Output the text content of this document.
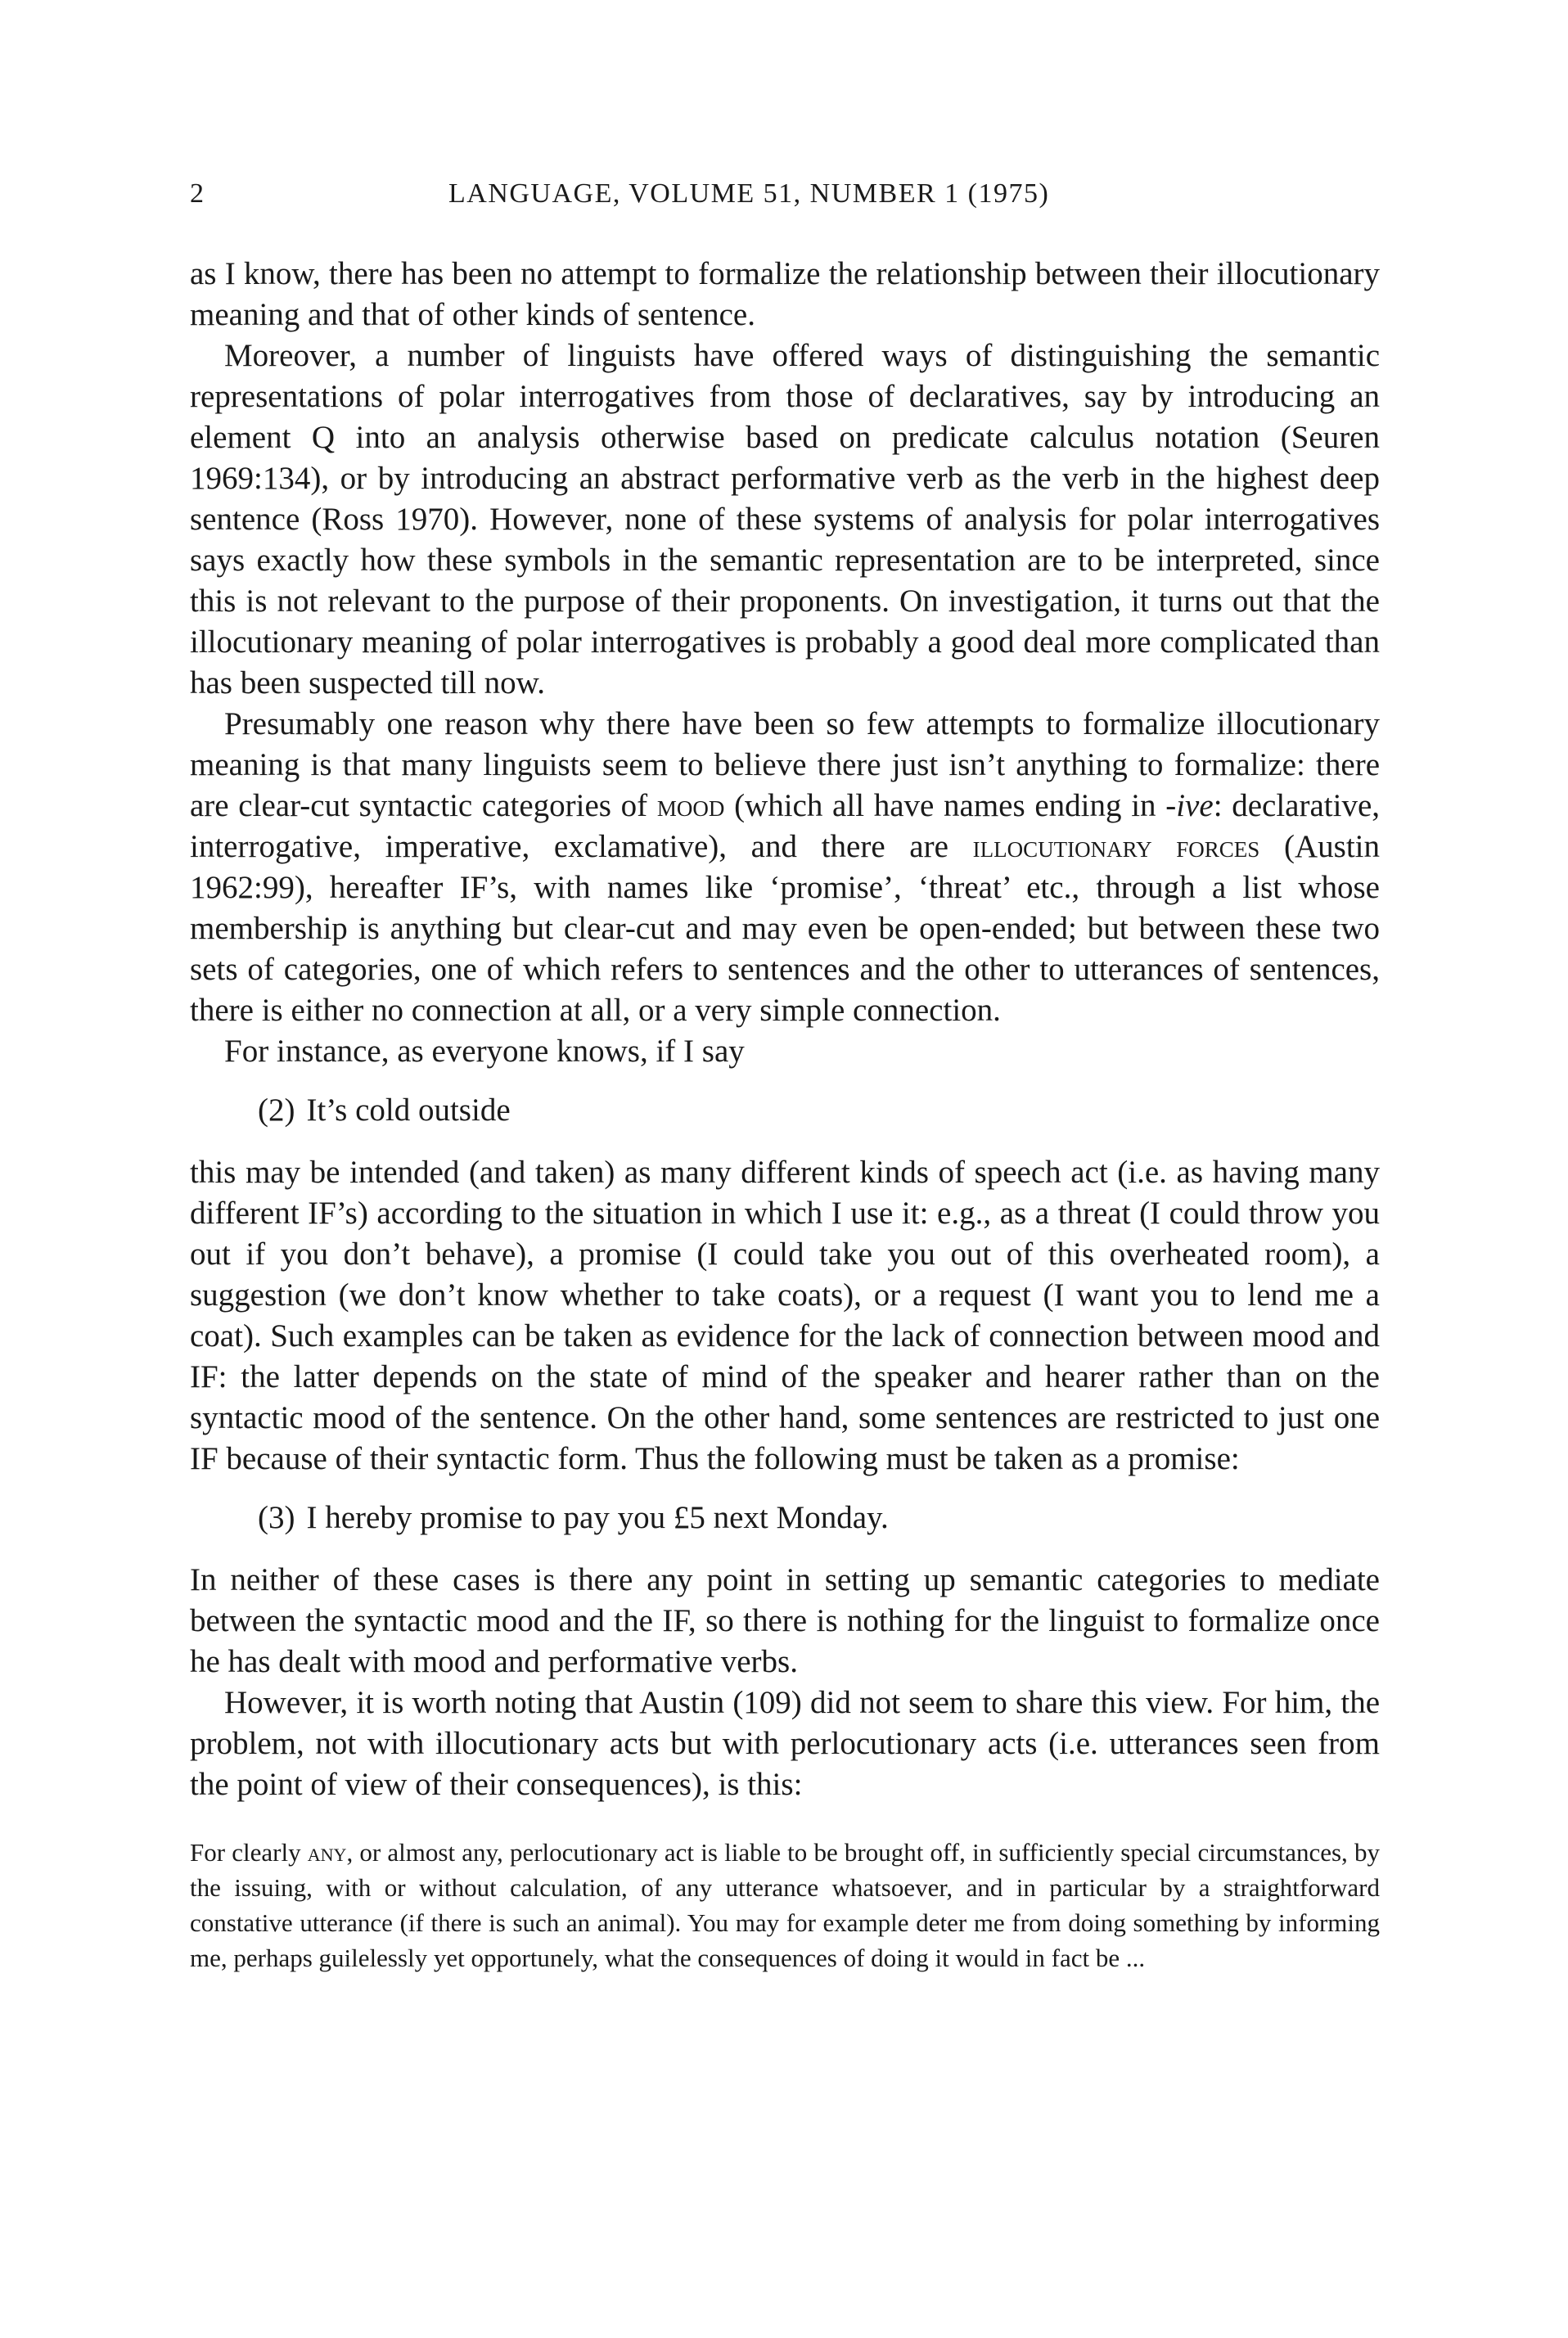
2	LANGUAGE, VOLUME 51, NUMBER 1 (1975)

as I know, there has been no attempt to formalize the relationship between their illocutionary meaning and that of other kinds of sentence.

Moreover, a number of linguists have offered ways of distinguishing the semantic representations of polar interrogatives from those of declaratives, say by introducing an element Q into an analysis otherwise based on predicate calculus notation (Seuren 1969:134), or by introducing an abstract performative verb as the verb in the highest deep sentence (Ross 1970). However, none of these systems of analysis for polar interrogatives says exactly how these symbols in the semantic representation are to be interpreted, since this is not relevant to the purpose of their proponents. On investigation, it turns out that the illocutionary meaning of polar interrogatives is probably a good deal more complicated than has been suspected till now.

Presumably one reason why there have been so few attempts to formalize illocutionary meaning is that many linguists seem to believe there just isn’t anything to formalize: there are clear-cut syntactic categories of mood (which all have names ending in -ive: declarative, interrogative, imperative, exclamative), and there are illocutionary forces (Austin 1962:99), hereafter IF’s, with names like ‘promise’, ‘threat’ etc., through a list whose membership is anything but clear-cut and may even be open-ended; but between these two sets of categories, one of which refers to sentences and the other to utterances of sentences, there is either no connection at all, or a very simple connection.

For instance, as everyone knows, if I say

(2) It’s cold outside

this may be intended (and taken) as many different kinds of speech act (i.e. as having many different IF’s) according to the situation in which I use it: e.g., as a threat (I could throw you out if you don’t behave), a promise (I could take you out of this overheated room), a suggestion (we don’t know whether to take coats), or a request (I want you to lend me a coat). Such examples can be taken as evidence for the lack of connection between mood and IF: the latter depends on the state of mind of the speaker and hearer rather than on the syntactic mood of the sentence. On the other hand, some sentences are restricted to just one IF because of their syntactic form. Thus the following must be taken as a promise:

(3) I hereby promise to pay you £5 next Monday.

In neither of these cases is there any point in setting up semantic categories to mediate between the syntactic mood and the IF, so there is nothing for the linguist to formalize once he has dealt with mood and performative verbs.

However, it is worth noting that Austin (109) did not seem to share this view. For him, the problem, not with illocutionary acts but with perlocutionary acts (i.e. utterances seen from the point of view of their consequences), is this:

For clearly any, or almost any, perlocutionary act is liable to be brought off, in sufficiently special circumstances, by the issuing, with or without calculation, of any utterance whatsoever, and in particular by a straightforward constative utterance (if there is such an animal). You may for example deter me from doing something by informing me, perhaps guilelessly yet opportunely, what the consequences of doing it would in fact be ...
